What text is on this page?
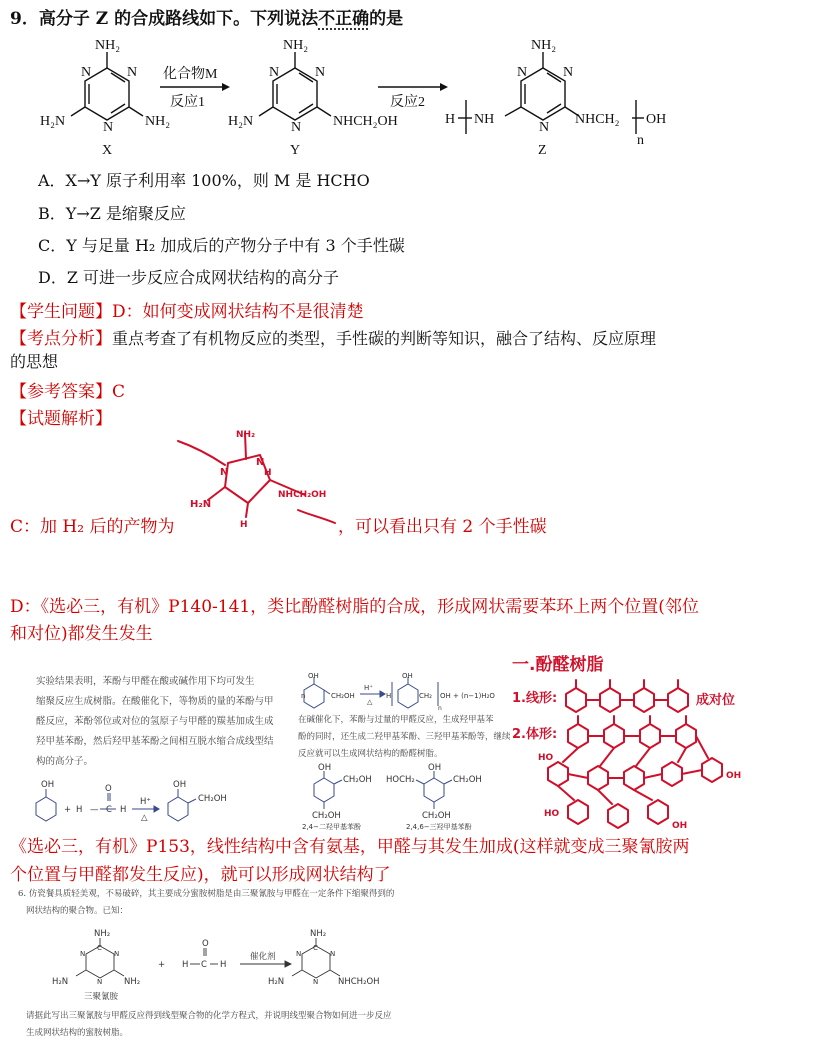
9．高分子 Z 的合成路线如下。下列说法不正确的是
NH₂
H₂N	NH₂
N	N
N
X
化合物M
反应1
NH₂
H₂N	NHCH₂OH
N	N
N
Y
反应2
NH₂
H NH	NHCH₂ OH
n
N	N
N
Z
A．X→Y 原子利用率 100%，则 M 是 HCHO
B．Y→Z 是缩聚反应
C．Y 与足量 H₂ 加成后的产物分子中有 3 个手性碳
D．Z 可进一步反应合成网状结构的高分子
【学生问题】D：如何变成网状结构不是很清楚
【考点分析】重点考查了有机物反应的类型，手性碳的判断等知识，融合了结构、反应原理
的思想
【参考答案】C
【试题解析】
NH₂
N
H
N
H₂N
H
NHCH₂OH
C：加 H₂ 后的产物为	，可以看出只有 2 个手性碳
D：《选必三，有机》P140-141，类比酚醛树脂的合成，形成网状需要苯环上两个位置(邻位
和对位)都发生发生
实验结果表明，苯酚与甲醛在酸或碱作用下均可发生
缩聚反应生成树脂。在酸催化下，等物质的量的苯酚与甲
醛反应，苯酚邻位或对位的氢原子与甲醛的羰基加成生成
羟甲基苯酚，然后羟甲基苯酚之间相互脱水缩合成线型结
构的高分子。
OH
+ H —
O
C H
H⁺
△
OH
CH₂OH
n
OH
CH₂OH
H⁺
△
H
OH
CH₂ OH + (n−1)H₂O
n
在碱催化下，苯酚与过量的甲醛反应，生成羟甲基苯
酚的同时，还生成二羟甲基苯酚、三羟甲基苯酚等，继续
反应就可以生成网状结构的酚醛树脂。
OH
CH₂OH
CH₂OH
2,4−二羟甲基苯酚
OH
CH₂OH
HOCH₂
CH₂OH
2,4,6−三羟甲基苯酚
一.酚醛树脂
1.线形:	成对位
2.体形:
HO
HO
OH
OH
《选必三，有机》P153，线性结构中含有氨基，甲醛与其发生加成(这样就变成三聚氰胺两
个位置与甲醛都发生反应)，就可以形成网状结构了
6. 仿瓷餐具质轻美观，不易破碎，其主要成分蜜胺树脂是由三聚氰胺与甲醛在一定条件下缩聚得到的
网状结构的聚合物。已知：
NH₂
C
N	N
N
H₂N	NH₂
三聚氰胺
+ H C
O
H
催化剂
NH₂
C
N	N
N
H₂N	NHCH₂OH
请据此写出三聚氰胺与甲醛反应得到线型聚合物的化学方程式，并说明线型聚合物如何进一步反应
生成网状结构的蜜胺树脂。
